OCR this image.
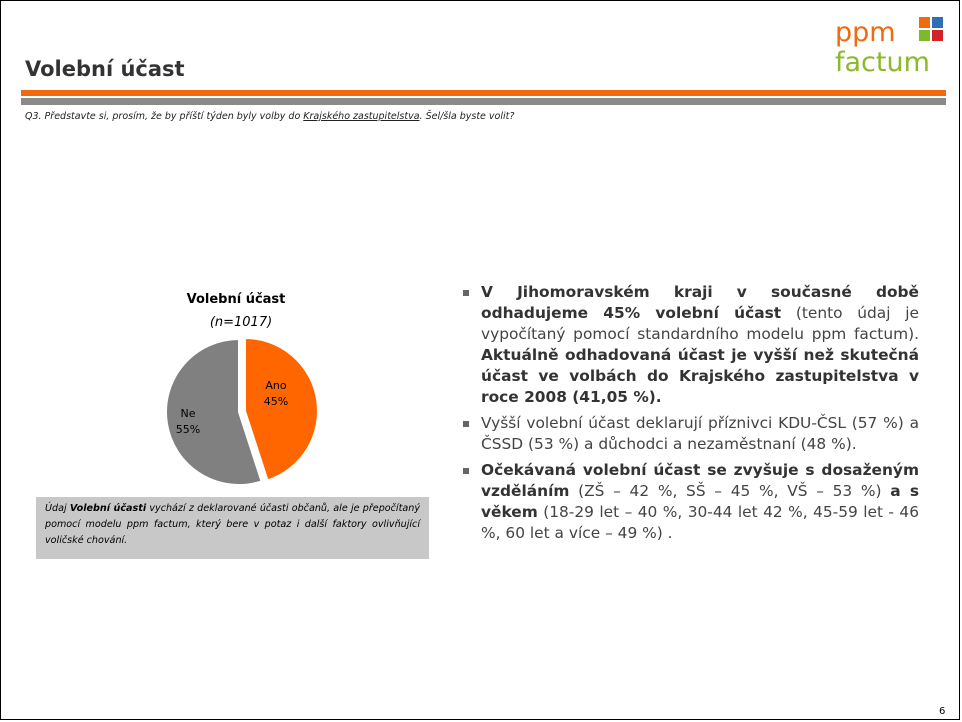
Volební účast
ppm
factum
Q3. Představte si, prosím, že by příští týden byly volby do Krajského zastupitelstva. Šel/šla byste volit?
Volební účast
(n=1017)
Ano
45%
Ne
55%
Údaj Volební účasti vychází z deklarované účasti občanů, ale je přepočítaný pomocí modelu ppm factum, který bere v potaz i další faktory ovlivňující voličské chování.
V Jihomoravském kraji v současné době odhadujeme 45% volební účast (tento údaj je vypočítaný pomocí standardního modelu ppm factum). Aktuálně odhadovaná účast je vyšší než skutečná účast ve volbách do Krajského zastupitelstva v roce 2008 (41,05 %).
Vyšší volební účast deklarují příznivci KDU-ČSL (57 %) a ČSSD (53 %) a důchodci a nezaměstnaní (48 %).
Očekávaná volební účast se zvyšuje s dosaženým vzděláním (ZŠ – 42 %, SŠ – 45 %, VŠ – 53 %) a s věkem (18-29 let – 40 %, 30-44 let 42 %, 45-59 let - 46 %, 60 let a více – 49 %) .
6
